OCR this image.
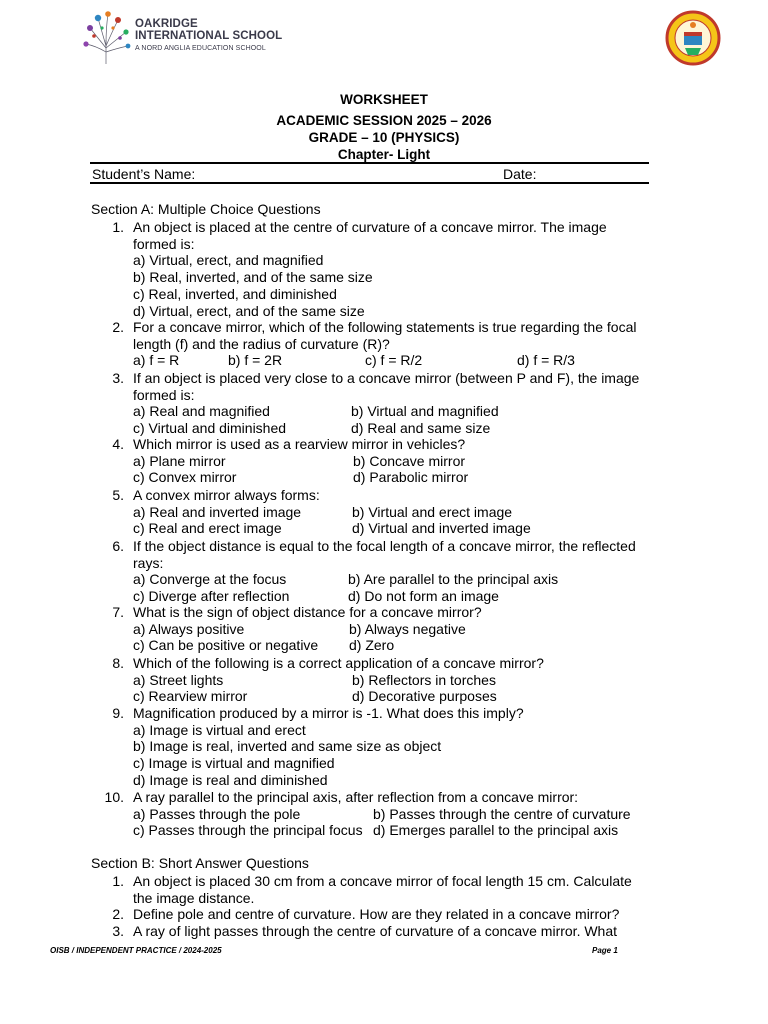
OAKRIDGE
INTERNATIONAL SCHOOL
A NORD ANGLIA EDUCATION SCHOOL
WORKSHEET
ACADEMIC SESSION 2025 – 2026
GRADE – 10 (PHYSICS)
Chapter- Light
Student’s Name:	Date:
Section A: Multiple Choice Questions
1. An object is placed at the centre of curvature of a concave mirror. The image
formed is:
a) Virtual, erect, and magnified
b) Real, inverted, and of the same size
c) Real, inverted, and diminished
d) Virtual, erect, and of the same size
2. For a concave mirror, which of the following statements is true regarding the focal
length (f) and the radius of curvature (R)?
a) f = R	b) f = 2R	c) f = R/2	d) f = R/3
3. If an object is placed very close to a concave mirror (between P and F), the image
formed is:
a) Real and magnified	b) Virtual and magnified
c) Virtual and diminished	d) Real and same size
4. Which mirror is used as a rearview mirror in vehicles?
a) Plane mirror	b) Concave mirror
c) Convex mirror	d) Parabolic mirror
5. A convex mirror always forms:
a) Real and inverted image	b) Virtual and erect image
c) Real and erect image	d) Virtual and inverted image
6. If the object distance is equal to the focal length of a concave mirror, the reflected
rays:
a) Converge at the focus	b) Are parallel to the principal axis
c) Diverge after reflection	d) Do not form an image
7. What is the sign of object distance for a concave mirror?
a) Always positive	b) Always negative
c) Can be positive or negative d) Zero
8. Which of the following is a correct application of a concave mirror?
a) Street lights	b) Reflectors in torches
c) Rearview mirror	d) Decorative purposes
9. Magnification produced by a mirror is -1. What does this imply?
a) Image is virtual and erect
b) Image is real, inverted and same size as object
c) Image is virtual and magnified
d) Image is real and diminished
10. A ray parallel to the principal axis, after reflection from a concave mirror:
a) Passes through the pole	b) Passes through the centre of curvature
c) Passes through the principal focus d) Emerges parallel to the principal axis
Section B: Short Answer Questions
1. An object is placed 30 cm from a concave mirror of focal length 15 cm. Calculate
the image distance.
2. Define pole and centre of curvature. How are they related in a concave mirror?
3. A ray of light passes through the centre of curvature of a concave mirror. What
OISB / INDEPENDENT PRACTICE / 2024-2025	Page 1
